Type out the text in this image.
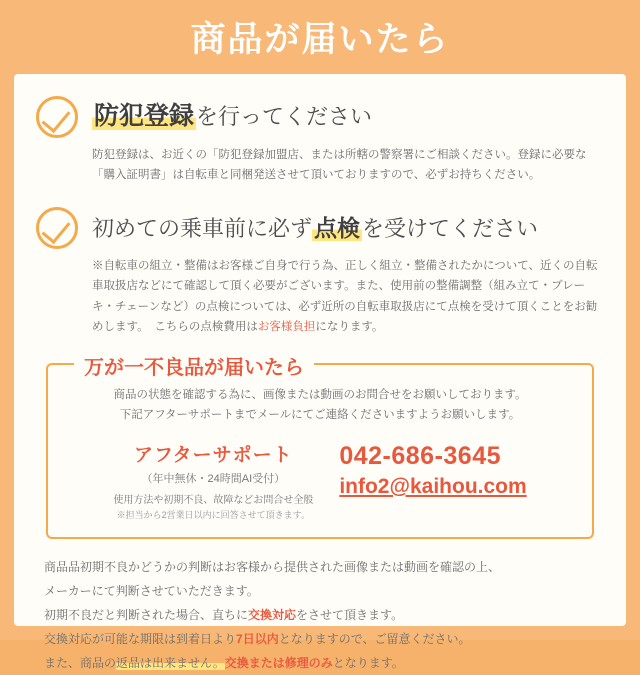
商品が届いたら
防犯登録を行ってください
防犯登録は、お近くの「防犯登録加盟店、または所轄の警察署にご相談ください。登録に必要な「購入証明書」は自転車と同梱発送させて頂いておりますので、必ずお持ちください。
初めての乗車前に必ず点検を受けてください
※自転車の組立・整備はお客様ご自身で行う為、正しく組立・整備されたかについて、近くの自転車取扱店などにて確認して頂く必要がございます。また、使用前の整備調整（組み立て・ブレーキ・チェーンなど）の点検については、必ず近所の自転車取扱店にて点検を受けて頂くことをお勧めします。　こちらの点検費用はお客様負担になります。
万が一不良品が届いたら
商品の状態を確認する為に、画像または動画のお問合せをお願いしております。
下記アフターサポートまでメールにてご連絡くださいますようお願いします。
アフターサポート
（年中無休・24時間AI受付）
使用方法や初期不良、故障などお問合せ全般
※担当から2営業日以内に回答させて頂きます。
042-686-3645
info2@kaihou.com
商品品初期不良かどうかの判断はお客様から提供された画像または動画を確認の上、
メーカーにて判断させていただきます。
初期不良だと判断された場合、直ちに交換対応をさせて頂きます。
交換対応が可能な期限は到着日より7日以内となりますので、ご留意ください。
また、商品の返品は出来ません。交換または修理のみとなります。
